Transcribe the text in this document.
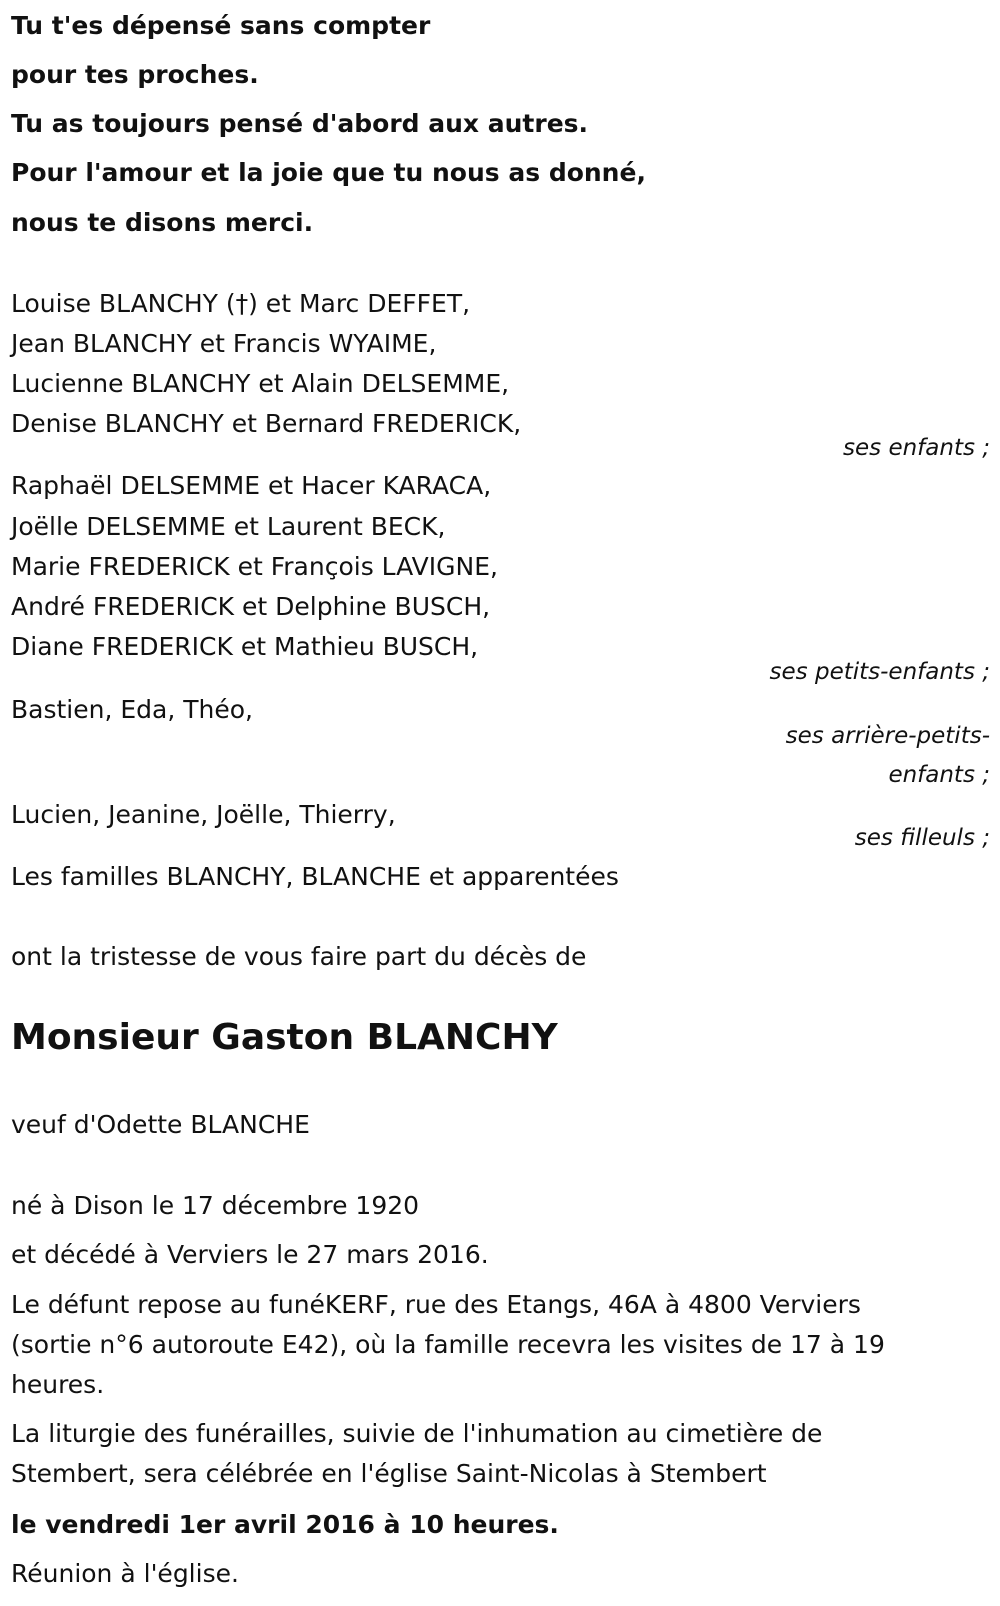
Tu t'es dépensé sans compter
pour tes proches.
Tu as toujours pensé d'abord aux autres.
Pour l'amour et la joie que tu nous as donné,
nous te disons merci.
Louise BLANCHY (†) et Marc DEFFET,
Jean BLANCHY et Francis WYAIME,
Lucienne BLANCHY et Alain DELSEMME,
Denise BLANCHY et Bernard FREDERICK,
ses enfants ;
Raphaël DELSEMME et Hacer KARACA,
Joëlle DELSEMME et Laurent BECK,
Marie FREDERICK et François LAVIGNE,
André FREDERICK et Delphine BUSCH,
Diane FREDERICK et Mathieu BUSCH,
ses petits-enfants ;
Bastien, Eda, Théo,
ses arrière-petits-
enfants ;
Lucien, Jeanine, Joëlle, Thierry,
ses filleuls ;
Les familles BLANCHY, BLANCHE et apparentées
ont la tristesse de vous faire part du décès de
Monsieur Gaston BLANCHY
veuf d'Odette BLANCHE
né à Dison le 17 décembre 1920
et décédé à Verviers le 27 mars 2016.
Le défunt repose au funéKERF, rue des Etangs, 46A à 4800 Verviers
(sortie n°6 autoroute E42), où la famille recevra les visites de 17 à 19
heures.
La liturgie des funérailles, suivie de l'inhumation au cimetière de
Stembert, sera célébrée en l'église Saint-Nicolas à Stembert
le vendredi 1er avril 2016 à 10 heures.
Réunion à l'église.
